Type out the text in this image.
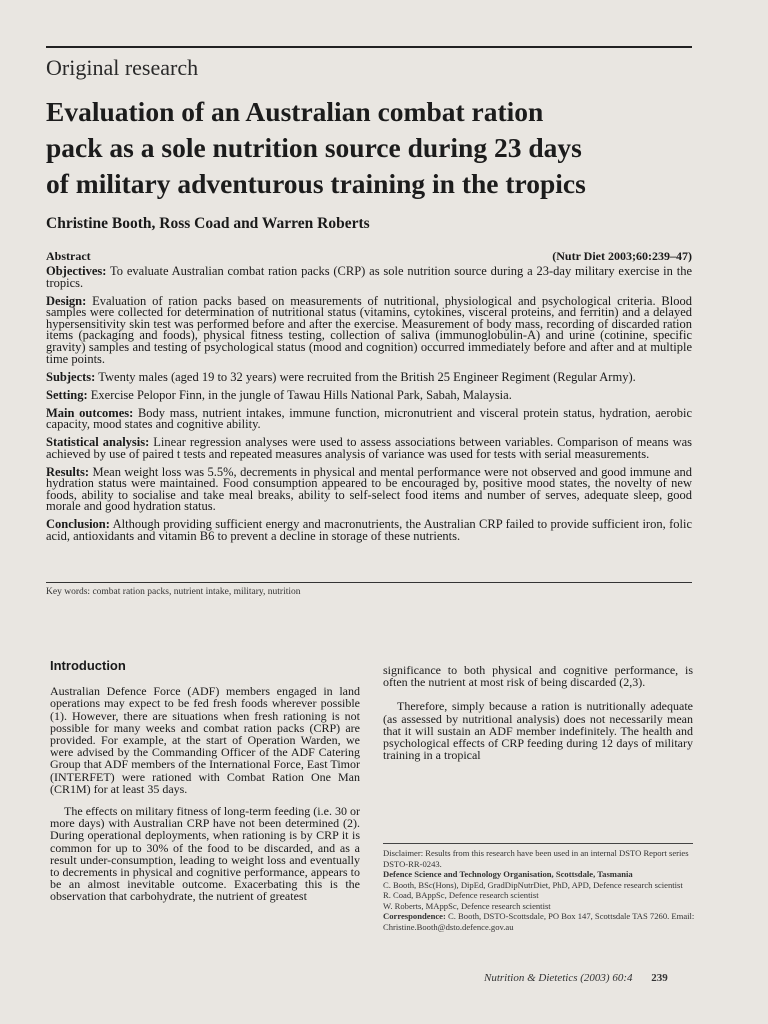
Original research
Evaluation of an Australian combat ration
pack as a sole nutrition source during 23 days
of military adventurous training in the tropics
Christine Booth, Ross Coad and Warren Roberts
Abstract	(Nutr Diet 2003;60:239–47)

Objectives: To evaluate Australian combat ration packs (CRP) as sole nutrition source during a 23-day military exercise in the tropics.

Design: Evaluation of ration packs based on measurements of nutritional, physiological and psychological criteria. Blood samples were collected for determination of nutritional status (vitamins, cytokines, visceral proteins, and ferritin) and a delayed hypersensitivity skin test was performed before and after the exercise. Measurement of body mass, recording of discarded ration items (packaging and foods), physical fitness testing, collection of saliva (immunoglobulin-A) and urine (cotinine, specific gravity) samples and testing of psychological status (mood and cognition) occurred immediately before and after and at multiple time points.

Subjects: Twenty males (aged 19 to 32 years) were recruited from the British 25 Engineer Regiment (Regular Army).

Setting: Exercise Pelopor Finn, in the jungle of Tawau Hills National Park, Sabah, Malaysia.

Main outcomes: Body mass, nutrient intakes, immune function, micronutrient and visceral protein status, hydration, aerobic capacity, mood states and cognitive ability.

Statistical analysis: Linear regression analyses were used to assess associations between variables. Comparison of means was achieved by use of paired t tests and repeated measures analysis of variance was used for tests with serial measurements.

Results: Mean weight loss was 5.5%, decrements in physical and mental performance were not observed and good immune and hydration status were maintained. Food consumption appeared to be encouraged by, positive mood states, the novelty of new foods, ability to socialise and take meal breaks, ability to self-select food items and number of serves, adequate sleep, good morale and good hydration status.

Conclusion: Although providing sufficient energy and macronutrients, the Australian CRP failed to provide sufficient iron, folic acid, antioxidants and vitamin B6 to prevent a decline in storage of these nutrients.

Key words: combat ration packs, nutrient intake, military, nutrition
Introduction

Australian Defence Force (ADF) members engaged in land operations may expect to be fed fresh foods wherever possible (1). However, there are situations when fresh rationing is not possible for many weeks and combat ration packs (CRP) are provided. For example, at the start of Operation Warden, we were advised by the Commanding Officer of the ADF Catering Group that ADF members of the International Force, East Timor (INTERFET) were rationed with Combat Ration One Man (CR1M) for at least 35 days.

The effects on military fitness of long-term feeding (i.e. 30 or more days) with Australian CRP have not been determined (2). During operational deployments, when rationing is by CRP it is common for up to 30% of the food to be discarded, and as a result under-consumption, leading to weight loss and eventually to decrements in physical and cognitive performance, appears to be an almost inevitable outcome. Exacerbating this is the observation that carbohydrate, the nutrient of greatest

significance to both physical and cognitive performance, is often the nutrient at most risk of being discarded (2,3).

Therefore, simply because a ration is nutritionally adequate (as assessed by nutritional analysis) does not necessarily mean that it will sustain an ADF member indefinitely. The health and psychological effects of CRP feeding during 12 days of military training in a tropical

Disclaimer: Results from this research have been used in an internal DSTO Report series DSTO-RR-0243.
Defence Science and Technology Organisation, Scottsdale, Tasmania
C. Booth, BSc(Hons), DipEd, GradDipNutrDiet, PhD, APD, Defence research scientist
R. Coad, BAppSc, Defence research scientist
W. Roberts, MAppSc, Defence research scientist
Correspondence: C. Booth, DSTO-Scottsdale, PO Box 147, Scottsdale TAS 7260. Email: Christine.Booth@dsto.defence.gov.au
Nutrition & Dietetics (2003) 60:4 239
